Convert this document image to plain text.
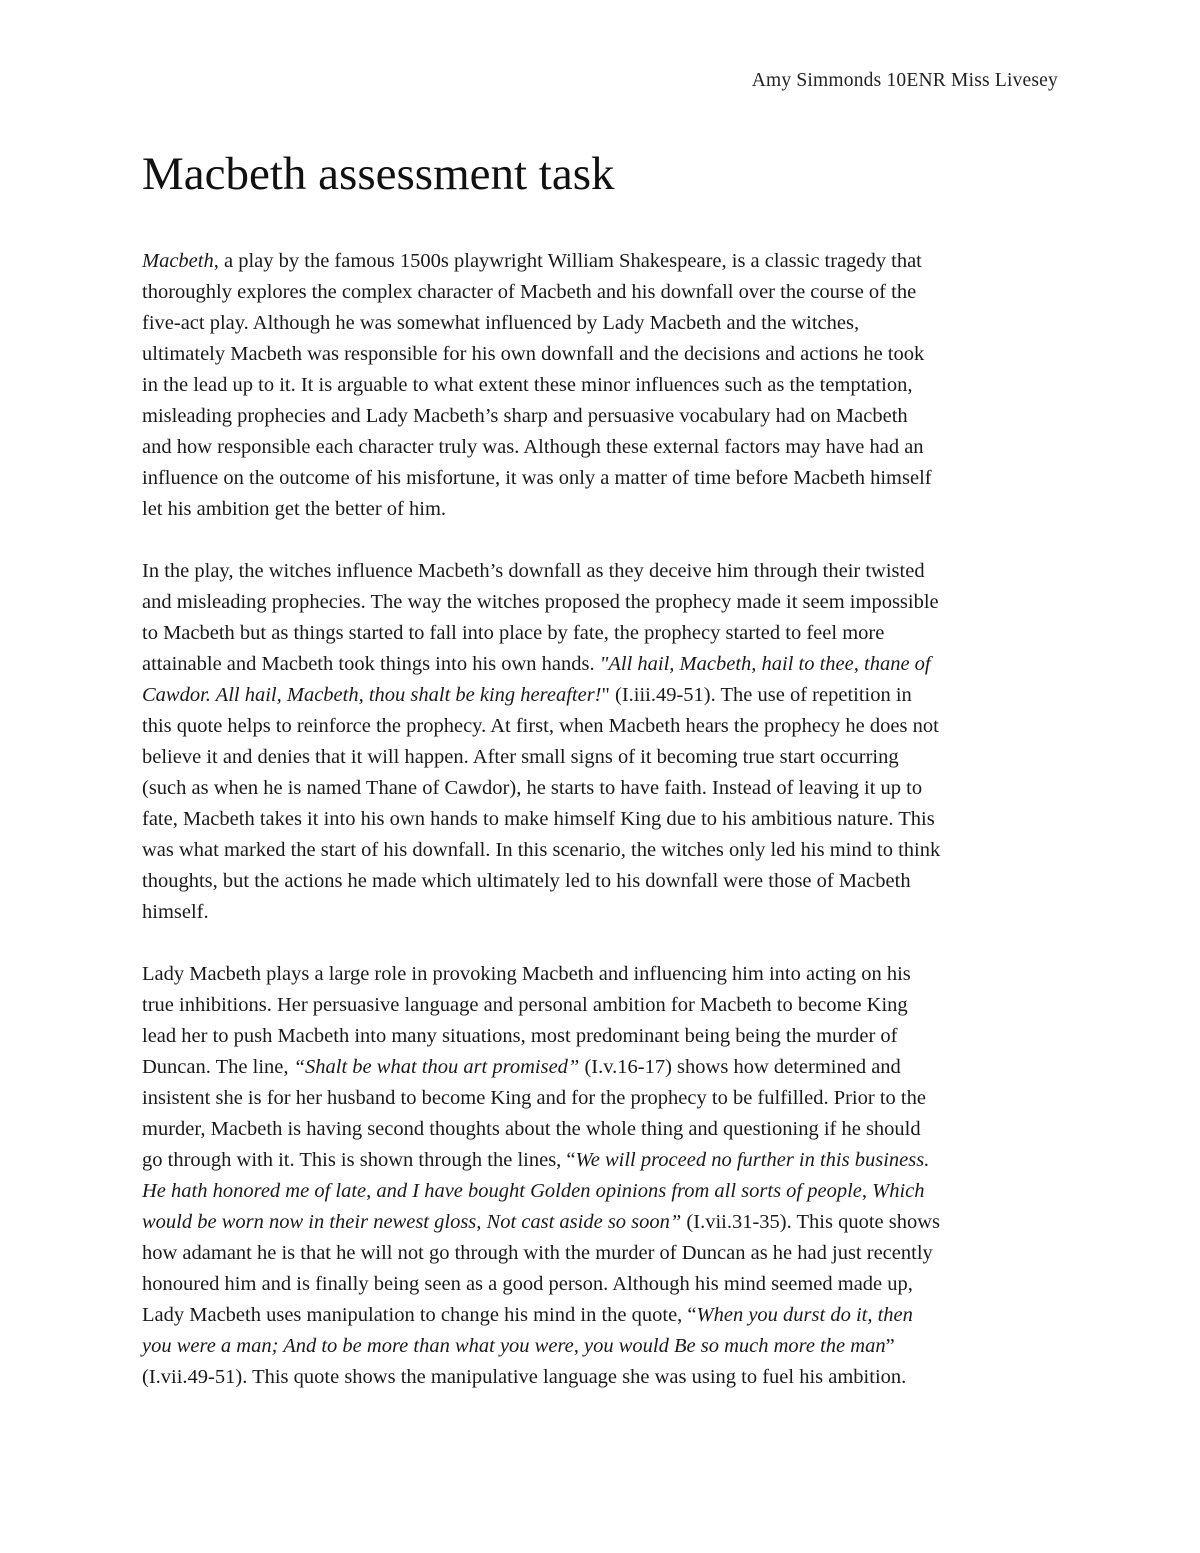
Amy Simmonds 10ENR Miss Livesey
Macbeth assessment task

Macbeth, a play by the famous 1500s playwright William Shakespeare, is a classic tragedy that
thoroughly explores the complex character of Macbeth and his downfall over the course of the
five-act play. Although he was somewhat influenced by Lady Macbeth and the witches,
ultimately Macbeth was responsible for his own downfall and the decisions and actions he took
in the lead up to it. It is arguable to what extent these minor influences such as the temptation,
misleading prophecies and Lady Macbeth’s sharp and persuasive vocabulary had on Macbeth
and how responsible each character truly was. Although these external factors may have had an
influence on the outcome of his misfortune, it was only a matter of time before Macbeth himself
let his ambition get the better of him.

In the play, the witches influence Macbeth’s downfall as they deceive him through their twisted
and misleading prophecies. The way the witches proposed the prophecy made it seem impossible
to Macbeth but as things started to fall into place by fate, the prophecy started to feel more
attainable and Macbeth took things into his own hands. "All hail, Macbeth, hail to thee, thane of
Cawdor. All hail, Macbeth, thou shalt be king hereafter!" (I.iii.49-51). The use of repetition in
this quote helps to reinforce the prophecy. At first, when Macbeth hears the prophecy he does not
believe it and denies that it will happen. After small signs of it becoming true start occurring
(such as when he is named Thane of Cawdor), he starts to have faith. Instead of leaving it up to
fate, Macbeth takes it into his own hands to make himself King due to his ambitious nature. This
was what marked the start of his downfall. In this scenario, the witches only led his mind to think
thoughts, but the actions he made which ultimately led to his downfall were those of Macbeth
himself.

Lady Macbeth plays a large role in provoking Macbeth and influencing him into acting on his
true inhibitions. Her persuasive language and personal ambition for Macbeth to become King
lead her to push Macbeth into many situations, most predominant being being the murder of
Duncan. The line, “Shalt be what thou art promised” (I.v.16-17) shows how determined and
insistent she is for her husband to become King and for the prophecy to be fulfilled. Prior to the
murder, Macbeth is having second thoughts about the whole thing and questioning if he should
go through with it. This is shown through the lines, “We will proceed no further in this business.
He hath honored me of late, and I have bought Golden opinions from all sorts of people, Which
would be worn now in their newest gloss, Not cast aside so soon” (I.vii.31-35). This quote shows
how adamant he is that he will not go through with the murder of Duncan as he had just recently
honoured him and is finally being seen as a good person. Although his mind seemed made up,
Lady Macbeth uses manipulation to change his mind in the quote, “When you durst do it, then
you were a man; And to be more than what you were, you would Be so much more the man”
(I.vii.49-51). This quote shows the manipulative language she was using to fuel his ambition.
